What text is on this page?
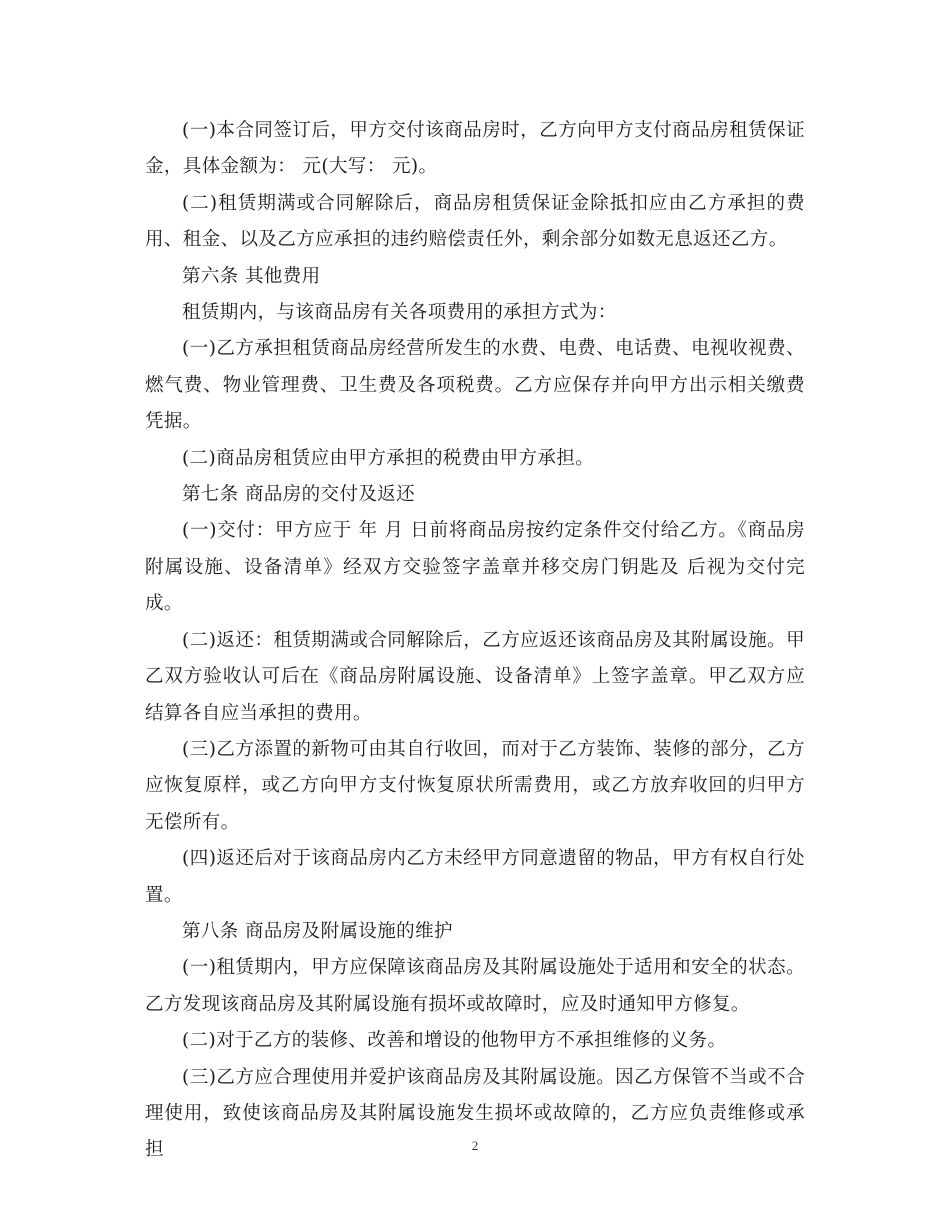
(一)本合同签订后，甲方交付该商品房时，乙方向甲方支付商品房租赁保证金，具体金额为： 元(大写： 元)。

(二)租赁期满或合同解除后，商品房租赁保证金除抵扣应由乙方承担的费用、租金、以及乙方应承担的违约赔偿责任外，剩余部分如数无息返还乙方。

第六条 其他费用

租赁期内，与该商品房有关各项费用的承担方式为：

(一)乙方承担租赁商品房经营所发生的水费、电费、电话费、电视收视费、燃气费、物业管理费、卫生费及各项税费。乙方应保存并向甲方出示相关缴费凭据。

(二)商品房租赁应由甲方承担的税费由甲方承担。

第七条 商品房的交付及返还

(一)交付：甲方应于 年 月 日前将商品房按约定条件交付给乙方。《商品房附属设施、设备清单》经双方交验签字盖章并移交房门钥匙及 后视为交付完成。

(二)返还：租赁期满或合同解除后，乙方应返还该商品房及其附属设施。甲乙双方验收认可后在《商品房附属设施、设备清单》上签字盖章。甲乙双方应结算各自应当承担的费用。

(三)乙方添置的新物可由其自行收回，而对于乙方装饰、装修的部分，乙方应恢复原样，或乙方向甲方支付恢复原状所需费用，或乙方放弃收回的归甲方无偿所有。

(四)返还后对于该商品房内乙方未经甲方同意遗留的物品，甲方有权自行处置。

第八条 商品房及附属设施的维护

(一)租赁期内，甲方应保障该商品房及其附属设施处于适用和安全的状态。乙方发现该商品房及其附属设施有损坏或故障时，应及时通知甲方修复。

(二)对于乙方的装修、改善和增设的他物甲方不承担维修的义务。

(三)乙方应合理使用并爱护该商品房及其附属设施。因乙方保管不当或不合理使用，致使该商品房及其附属设施发生损坏或故障的，乙方应负责维修或承担	2
